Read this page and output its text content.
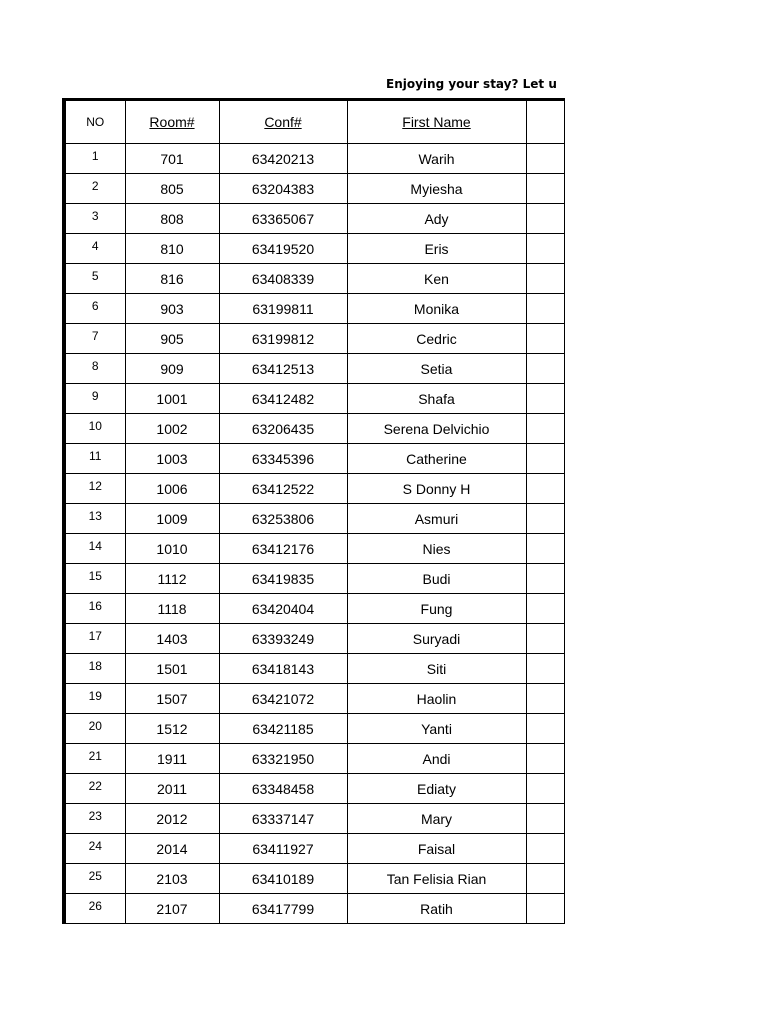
Enjoying your stay? Let u
NO	Room#	Conf#	First Name	
1	701	63420213	Warih	
2	805	63204383	Myiesha	
3	808	63365067	Ady	
4	810	63419520	Eris	
5	816	63408339	Ken	
6	903	63199811	Monika	
7	905	63199812	Cedric	
8	909	63412513	Setia	
9	1001	63412482	Shafa	
10	1002	63206435	Serena Delvichio	
11	1003	63345396	Catherine	
12	1006	63412522	S Donny H	
13	1009	63253806	Asmuri	
14	1010	63412176	Nies	
15	1112	63419835	Budi	
16	1118	63420404	Fung	
17	1403	63393249	Suryadi	
18	1501	63418143	Siti	
19	1507	63421072	Haolin	
20	1512	63421185	Yanti	
21	1911	63321950	Andi	
22	2011	63348458	Ediaty	
23	2012	63337147	Mary	
24	2014	63411927	Faisal	
25	2103	63410189	Tan Felisia Rian	
26	2107	63417799	Ratih	
